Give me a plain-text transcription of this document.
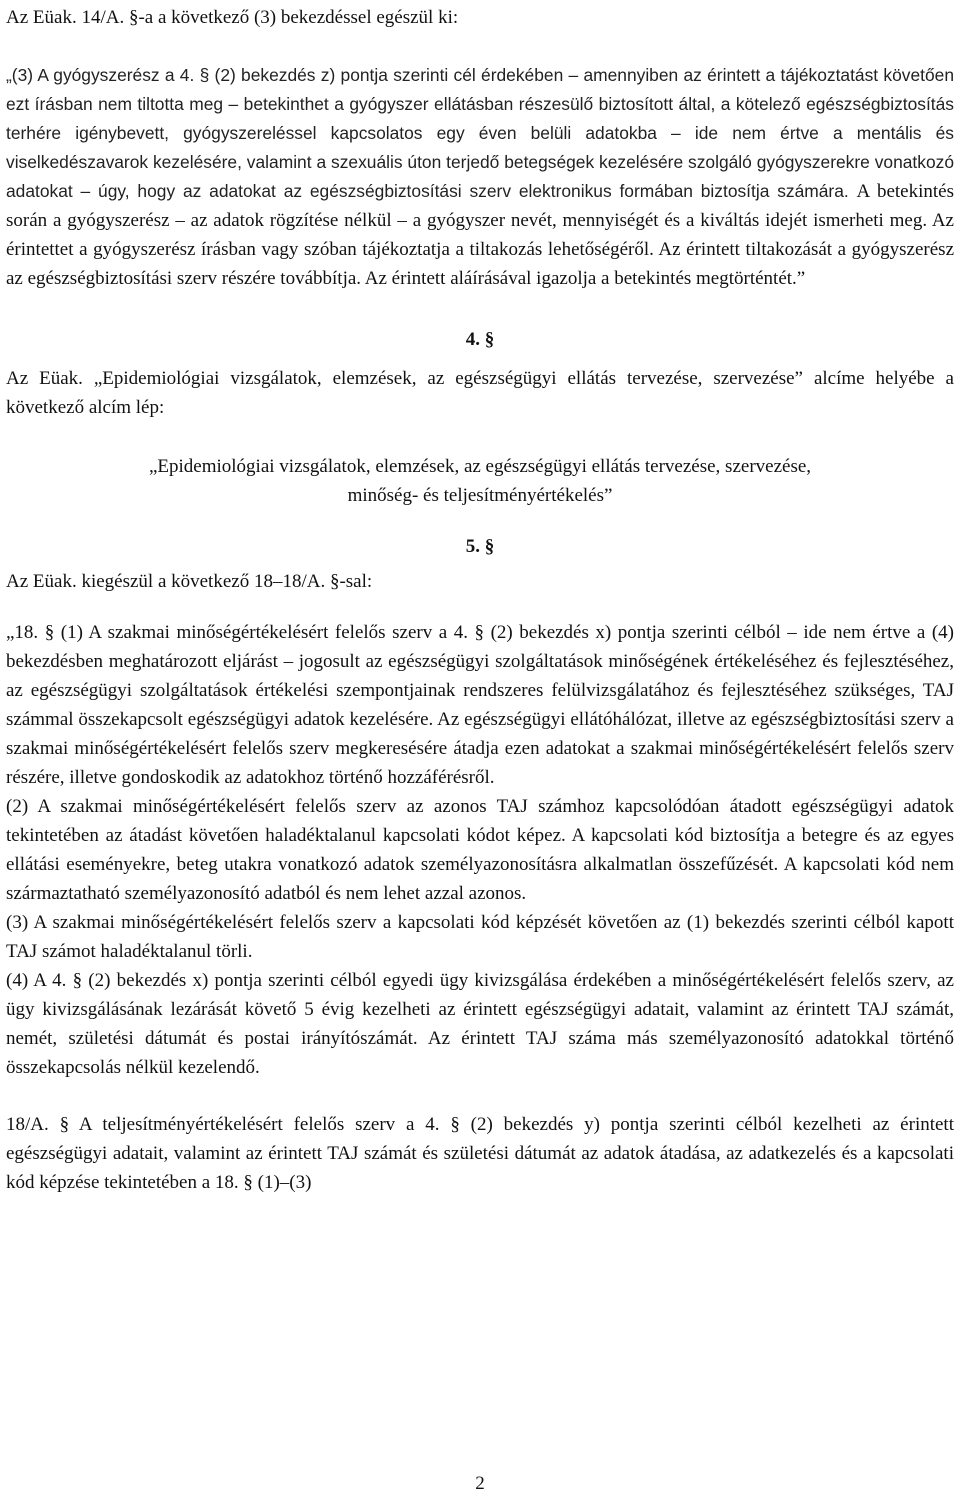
Az Eüak. 14/A. §-a a következő (3) bekezdéssel egészül ki:

„(3) A gyógyszerész a 4. § (2) bekezdés z) pontja szerinti cél érdekében – amennyiben az érintett a tájékoztatást követően ezt írásban nem tiltotta meg – betekinthet a gyógyszer ellátásban részesülő biztosított által, a kötelező egészségbiztosítás terhére igénybevett, gyógyszereléssel kapcsolatos egy éven belüli adatokba – ide nem értve a mentális és viselkedészavarok kezelésére, valamint a szexuális úton terjedő betegségek kezelésére szolgáló gyógyszerekre vonatkozó adatokat – úgy, hogy az adatokat az egészségbiztosítási szerv elektronikus formában biztosítja számára. A betekintés során a gyógyszerész – az adatok rögzítése nélkül – a gyógyszer nevét, mennyiségét és a kiváltás idejét ismerheti meg. Az érintettet a gyógyszerész írásban vagy szóban tájékoztatja a tiltakozás lehetőségéről. Az érintett tiltakozását a gyógyszerész az egészségbiztosítási szerv részére továbbítja. Az érintett aláírásával igazolja a betekintés megtörténtét.”

4. §

Az Eüak. „Epidemiológiai vizsgálatok, elemzések, az egészségügyi ellátás tervezése, szervezése” alcíme helyébe a következő alcím lép:

„Epidemiológiai vizsgálatok, elemzések, az egészségügyi ellátás tervezése, szervezése,

minőség- és teljesítményértékelés”

5. §

Az Eüak. kiegészül a következő 18–18/A. §-sal:

„18. § (1) A szakmai minőségértékelésért felelős szerv a 4. § (2) bekezdés x) pontja szerinti célból – ide nem értve a (4) bekezdésben meghatározott eljárást – jogosult az egészségügyi szolgáltatások minőségének értékeléséhez és fejlesztéséhez, az egészségügyi szolgáltatások értékelési szempontjainak rendszeres felülvizsgálatához és fejlesztéséhez szükséges, TAJ számmal összekapcsolt egészségügyi adatok kezelésére. Az egészségügyi ellátóhálózat, illetve az egészségbiztosítási szerv a szakmai minőségértékelésért felelős szerv megkeresésére átadja ezen adatokat a szakmai minőségértékelésért felelős szerv részére, illetve gondoskodik az adatokhoz történő hozzáférésről.

(2) A szakmai minőségértékelésért felelős szerv az azonos TAJ számhoz kapcsolódóan átadott egészségügyi adatok tekintetében az átadást követően haladéktalanul kapcsolati kódot képez. A kapcsolati kód biztosítja a betegre és az egyes ellátási eseményekre, beteg utakra vonatkozó adatok személyazonosításra alkalmatlan összefűzését. A kapcsolati kód nem származtatható személyazonosító adatból és nem lehet azzal azonos.

(3) A szakmai minőségértékelésért felelős szerv a kapcsolati kód képzését követően az (1) bekezdés szerinti célból kapott TAJ számot haladéktalanul törli.

(4) A 4. § (2) bekezdés x) pontja szerinti célból egyedi ügy kivizsgálása érdekében a minőségértékelésért felelős szerv, az ügy kivizsgálásának lezárását követő 5 évig kezelheti az érintett egészségügyi adatait, valamint az érintett TAJ számát, nemét, születési dátumát és postai irányítószámát. Az érintett TAJ száma más személyazonosító adatokkal történő összekapcsolás nélkül kezelendő.

18/A. § A teljesítményértékelésért felelős szerv a 4. § (2) bekezdés y) pontja szerinti célból kezelheti az érintett egészségügyi adatait, valamint az érintett TAJ számát és születési dátumát az adatok átadása, az adatkezelés és a kapcsolati kód képzése tekintetében a 18. § (1)–(3)

2
